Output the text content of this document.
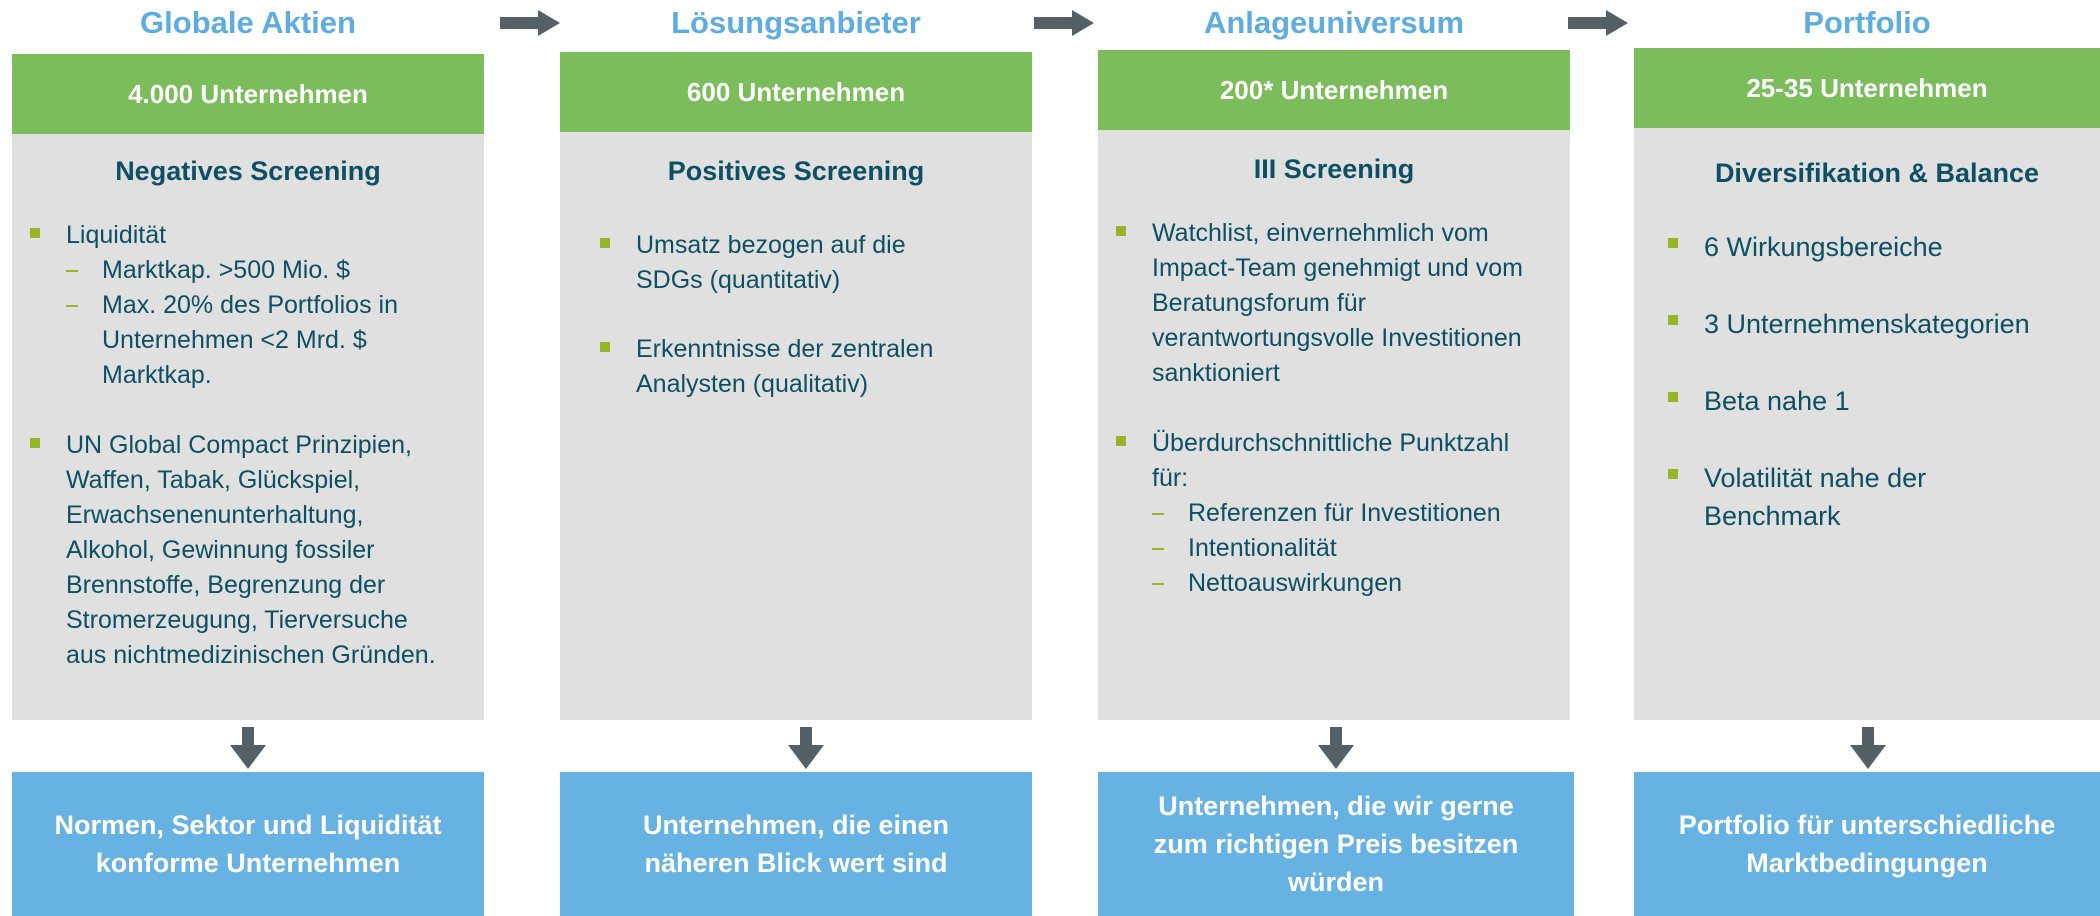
Globale Aktien
4.000 Unternehmen
Negatives Screening
Liquidität
Marktkap. >500 Mio. $
Max. 20% des Portfolios in
Unternehmen <2 Mrd. $
Marktkap.
UN Global Compact Prinzipien,
Waffen, Tabak, Glückspiel,
Erwachsenenunterhaltung,
Alkohol, Gewinnung fossiler
Brennstoffe, Begrenzung der
Stromerzeugung, Tierversuche
aus nichtmedizinischen Gründen.
Normen, Sektor und Liquidität
konforme Unternehmen
Lösungsanbieter
600 Unternehmen
Positives Screening
Umsatz bezogen auf die
SDGs (quantitativ)
Erkenntnisse der zentralen
Analysten (qualitativ)
Unternehmen, die einen
näheren Blick wert sind
Anlageuniversum
200* Unternehmen
III Screening
Watchlist, einvernehmlich vom
Impact-Team genehmigt und vom
Beratungsforum für
verantwortungsvolle Investitionen
sanktioniert
Überdurchschnittliche Punktzahl
für:
Referenzen für Investitionen
Intentionalität
Nettoauswirkungen
Unternehmen, die wir gerne
zum richtigen Preis besitzen
würden
Portfolio
25-35 Unternehmen
Diversifikation & Balance
6 Wirkungsbereiche
3 Unternehmenskategorien
Beta nahe 1
Volatilität nahe der
Benchmark
Portfolio für unterschiedliche
Marktbedingungen
